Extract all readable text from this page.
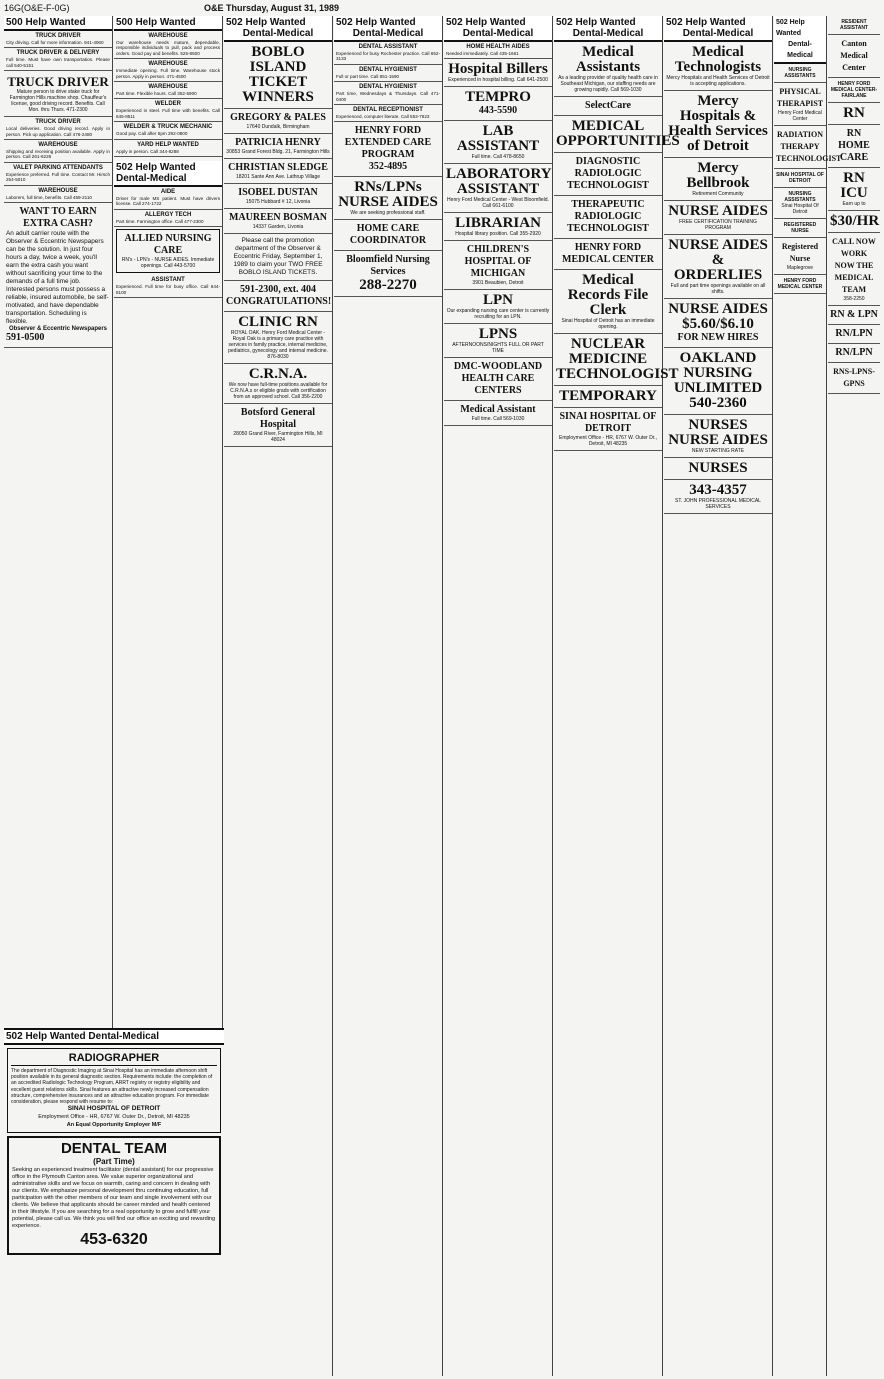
16G(O&E-F-0G)	O&E Thursday, August 31, 1989
500 Help Wanted
TRUCK DRIVER
City driving. Call for more information. 941-4060
TRUCK DRIVER & DELIVERY
Full time. Must have own transportation. Please call 540-5151
TRUCK DRIVER
Mature person to drive stake truck for Farmington Hills machine shop. Chauffeur's license, good driving record. Benefits. Call Mon. thru Thurs. 471-2300
TRUCK DRIVER
Local deliveries. Good driving record. Apply in person. Pick up application. Call 476-2480
WAREHOUSE
Shipping and receiving position available. Apply in person. Call 261-6226
VALET PARKING ATTENDANTS
Experience preferred. Full time. Contact Mr. Hirsch 254-5010
WAREHOUSE
Laborers, full time, benefits. Call 459-2110
WANT TO EARN EXTRA CASH?
An adult carrier route with the Observer & Eccentric Newspapers can be the solution. In just four hours a day, twice a week, you'll earn the extra cash you want without sacrificing your time to the demands of a full time job. Interested persons must possess a reliable, insured automobile, be self-motivated, and have dependable transportation. Scheduling is flexible.
Observer & Eccentric Newspapers
591-0500
500 Help Wanted
WAREHOUSE
Our warehouse needs mature, dependable, responsible individuals to pull, pack and process orders. Good pay and benefits. 525-8500
WAREHOUSE
Immediate opening. Full time. Warehouse stock person. Apply in person. 471-4500
WAREHOUSE
Part time. Flexible hours. Call 352-5900
WELDER
Experienced in steel. Full time with benefits. Call 645-8511
WELDER & TRUCK MECHANIC
Good pay. Call after 5pm 292-0800
YARD HELP WANTED
Apply in person. Call 344-8288
502 Help Wanted Dental-Medical
AIDE
Driver for male MS patient. Must have drivers license. Call 274-1722
ALLERGY TECH
Part time. Farmington office. Call 477-2300
ALLIED NURSING CARE
RN's - LPN's - NURSE AIDES. Immediate openings. Call 443-5700
ASSISTANT
Experienced. Full time for busy office. Call 644-8100
502 Help Wanted
Dental-Medical
BOBLO ISLAND TICKET WINNERS
GREGORY & PALES
17640 Dundalk, Birmingham
PATRICIA HENRY
30853 Grand Forest Bldg. 21, Farmington Hills
CHRISTIAN SLEDGE
18201 Sante Ann Ave. Lathrup Village
ISOBEL DUSTAN
15075 Hubbard # 12, Livonia
MAUREEN BOSMAN
14337 Garden, Livonia
Please call the promotion department of the Observer & Eccentric Friday, September 1, 1989 to claim your TWO FREE BOBLO ISLAND TICKETS.
591-2300, ext. 404
CONGRATULATIONS!
CLINIC RN
ROYAL OAK. Henry Ford Medical Center - Royal Oak is a primary care practice with services in family practice, internal medicine, pediatrics, gynecology and internal medicine. 876-8030
C.R.N.A.
We now have full-time positions available for C.R.N.A.s or eligible grads with certification from an approved school. Call 356-2200
Botsford General Hospital
28050 Grand River, Farmington Hills, MI 48024
502 Help Wanted
Dental-Medical
DENTAL ASSISTANT
Experienced for busy Rochester practice. Call 652-3133
DENTAL HYGIENIST
Full or part time. Call 851-1590
DENTAL HYGIENIST
Part time, Wednesdays & Thursdays. Call 471-0400
DENTAL RECEPTIONIST
Experienced, computer literate. Call 553-7623
HENRY FORD EXTENDED CARE PROGRAM
352-4895
RNs/LPNs NURSE AIDES
We are seeking professional staff.
HOME CARE COORDINATOR
Bloomfield Nursing Services
288-2270
502 Help Wanted
Dental-Medical
HOME HEALTH AIDES
Needed immediately. Call 435-1661
Hospital Billers
Experienced in hospital billing. Call 641-2500
TEMPRO
443-5590
LAB ASSISTANT
Full time. Call 478-8650
LABORATORY ASSISTANT
Henry Ford Medical Center - West Bloomfield. Call 661-6100
LIBRARIAN
Hospital library position. Call 355-2920
CHILDREN'S HOSPITAL OF MICHIGAN
3901 Beaubien, Detroit
LPN
Our expanding nursing care center is currently recruiting for an LPN.
LPNS
AFTERNOONS/NIGHTS FULL OR PART TIME
DMC-WOODLAND HEALTH CARE CENTERS
Medical Assistant
Full time. Call 569-1030
502 Help Wanted
Dental-Medical
Medical Assistants
As a leading provider of quality health care in Southeast Michigan, our staffing needs are growing rapidly. Call 569-1030
SelectCare
MEDICAL OPPORTUNITIES
DIAGNOSTIC RADIOLOGIC TECHNOLOGIST
THERAPEUTIC RADIOLOGIC TECHNOLOGIST
HENRY FORD MEDICAL CENTER
Medical Records File Clerk
Sinai Hospital of Detroit has an immediate opening.
NUCLEAR MEDICINE TECHNOLOGIST
TEMPORARY
SINAI HOSPITAL OF DETROIT
Employment Office - HR, 6767 W. Outer Dr., Detroit, MI 48235
502 Help Wanted
Dental-Medical
Medical Technologists
Mercy Hospitals and Health Services of Detroit is accepting applications.
Mercy Hospitals & Health Services of Detroit
Mercy Bellbrook
Retirement Community
NURSE AIDES
FREE CERTIFICATION TRAINING PROGRAM
NURSE AIDES & ORDERLIES
Full and part time openings available on all shifts.
NURSE AIDES $5.60/$6.10
FOR NEW HIRES
OAKLAND NURSING UNLIMITED
540-2360
NURSES NURSE AIDES
NEW STARTING RATE
NURSES
343-4357
ST. JOHN PROFESSIONAL MEDICAL SERVICES
502 Help Wanted
Dental-Medical
NURSING ASSISTANTS
PHYSICAL THERAPIST
Henry Ford Medical Center
RADIATION THERAPY TECHNOLOGIST
SINAI HOSPITAL OF DETROIT
NURSING ASSISTANTS
Sinai Hospital Of Detroit
REGISTERED NURSE
Registered Nurse
Maplegrove
HENRY FORD MEDICAL CENTER
RESIDENT ASSISTANT
Canton Medical Center
HENRY FORD MEDICAL CENTER-FAIRLANE
RN
RN HOME CARE
RN ICU
Earn up to
$30/HR
CALL NOW WORK NOW THE MEDICAL TEAM
358-2250
RN & LPN
RN/LPN
RN/LPN
RNS-LPNS-GPNS
502 Help Wanted Dental-Medical
RADIOGRAPHER
The department of Diagnostic Imaging at Sinai Hospital has an immediate afternoon shift position available in its general diagnostic section. Requirements include: the completion of an accredited Radiologic Technology Program, ARRT registry or registry eligibility and excellent guest relations skills. Sinai features an attractive newly increased compensation structure, comprehensive insurances and an attractive education program. For immediate consideration, please respond with resume to:
SINAI HOSPITAL OF DETROIT
Employment Office - HR, 6767 W. Outer Dr., Detroit, MI 48235
An Equal Opportunity Employer M/F
DENTAL TEAM
(Part Time)
Seeking an experienced treatment facilitator (dental assistant) for our progressive office in the Plymouth Canton area. We value superior organizational and administrative skills and we focus on warmth, caring and concern in dealing with our clients. We emphasize personal development thru continuing education, full participation with the other members of our team and single involvement with our clients. We believe that applicants should be career minded and health centered in their lifestyle. If you are searching for a real opportunity to grow and fulfill your potential, please call us. We think you will find our office an exciting and rewarding experience.
453-6320
